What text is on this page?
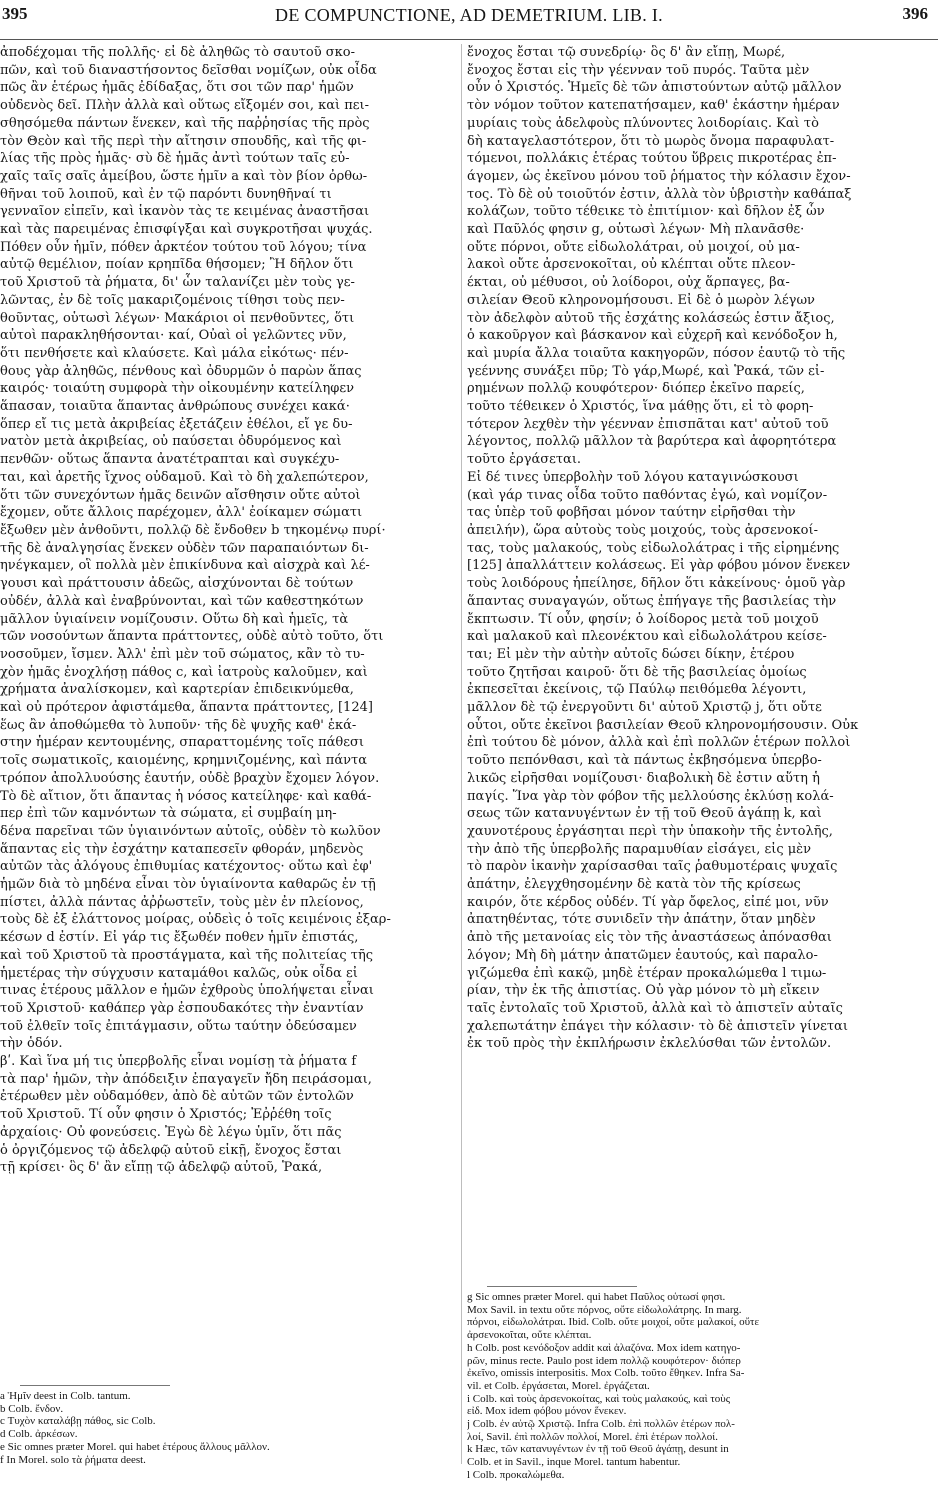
395	DE COMPUNCTIONE, AD DEMETRIUM. LIB. I.	396
ἀποδέχομαι τῆς πολλῆς· εἰ δὲ ἀληθῶς τὸ σαυτοῦ σκο-
πῶν, καὶ τοῦ διαναστήσοντος δεῖσθαι νομίζων, οὐκ οἶδα
πῶς ἂν ἑτέρως ἡμᾶς ἐδίδαξας, ὅτι σοι τῶν παρ' ἡμῶν
οὐδενὸς δεῖ. Πλὴν ἀλλὰ καὶ οὕτως εἴξομέν σοι, καὶ πει-
σθησόμεθα πάντων ἕνεκεν, καὶ τῆς παῤῥησίας τῆς πρὸς
τὸν Θεὸν καὶ τῆς περὶ τὴν αἴτησιν σπουδῆς, καὶ τῆς φι-
λίας τῆς πρὸς ἡμᾶς· σὺ δὲ ἡμᾶς ἀντὶ τούτων ταῖς εὐ-
χαῖς ταῖς σαῖς ἀμείβου, ὥστε ἡμῖν a καὶ τὸν βίον ὀρθω-
θῆναι τοῦ λοιποῦ, καὶ ἐν τῷ παρόντι δυνηθῆναί τι
γενναῖον εἰπεῖν, καὶ ἱκανὸν τὰς τε κειμένας ἀναστῆσαι
καὶ τὰς παρειμένας ἐπισφίγξαι καὶ συγκροτῆσαι ψυχάς.
Πόθεν οὖν ἡμῖν, πόθεν ἀρκτέον τούτου τοῦ λόγου; τίνα
αὐτῷ θεμέλιον, ποίαν κρηπῖδα θήσομεν; Ἢ δῆλον ὅτι
τοῦ Χριστοῦ τὰ ῥήματα, δι' ὧν ταλανίζει μὲν τοὺς γε-
λῶντας, ἐν δὲ τοῖς μακαριζομένοις τίθησι τοὺς πεν-
θοῦντας, οὑτωσὶ λέγων· Μακάριοι οἱ πενθοῦντες, ὅτι
αὐτοὶ παρακληθήσονται· καί, Οὐαὶ οἱ γελῶντες νῦν,
ὅτι πενθήσετε καὶ κλαύσετε. Καὶ μάλα εἰκότως· πέν-
θους γὰρ ἀληθῶς, πένθους καὶ ὀδυρμῶν ὁ παρὼν ἅπας
καιρός· τοιαύτη συμφορὰ τὴν οἰκουμένην κατείληφεν
ἅπασαν, τοιαῦτα ἅπαντας ἀνθρώπους συνέχει κακά·
ὅπερ εἴ τις μετὰ ἀκριβείας ἐξετάζειν ἐθέλοι, εἴ γε δυ-
νατὸν μετὰ ἀκριβείας, οὐ παύσεται ὀδυρόμενος καὶ
πενθῶν· οὕτως ἅπαντα ἀνατέτραπται καὶ συγκέχυ-
ται, καὶ ἀρετῆς ἴχνος οὐδαμοῦ. Καὶ τὸ δὴ χαλεπώτερον,
ὅτι τῶν συνεχόντων ἡμᾶς δεινῶν αἴσθησιν οὔτε αὐτοὶ
ἔχομεν, οὔτε ἄλλοις παρέχομεν, ἀλλ' ἐοίκαμεν σώματι
ἔξωθεν μὲν ἀνθοῦντι, πολλῷ δὲ ἔνδοθεν b τηκομένῳ πυρί·
τῆς δὲ ἀναλγησίας ἕνεκεν οὐδὲν τῶν παραπαιόντων δι-
ηνέγκαμεν, οἳ πολλὰ μὲν ἐπικίνδυνα καὶ αἰσχρὰ καὶ λέ-
γουσι καὶ πράττουσιν ἀδεῶς, αἰσχύνονται δὲ τούτων
οὐδέν, ἀλλὰ καὶ ἐναβρύνονται, καὶ τῶν καθεστηκότων
μᾶλλον ὑγιαίνειν νομίζουσιν. Οὕτω δὴ καὶ ἡμεῖς, τὰ
τῶν νοσούντων ἅπαντα πράττοντες, οὐδὲ αὐτὸ τοῦτο, ὅτι
νοσοῦμεν, ἴσμεν. Ἀλλ' ἐπὶ μὲν τοῦ σώματος, κἂν τὸ τυ-
χὸν ἡμᾶς ἐνοχλήσῃ πάθος c, καὶ ἰατροὺς καλοῦμεν, καὶ
χρήματα ἀναλίσκομεν, καὶ καρτερίαν ἐπιδεικνύμεθα,
καὶ οὐ πρότερον ἀφιστάμεθα, ἅπαντα πράττοντες, [124]
ἕως ἂν ἀποθώμεθα τὸ λυποῦν· τῆς δὲ ψυχῆς καθ' ἑκά-
στην ἡμέραν κεντουμένης, σπαραττομένης τοῖς πάθεσι
τοῖς σωματικοῖς, καιομένης, κρημνιζομένης, καὶ πάντα
τρόπον ἀπολλυούσης ἑαυτήν, οὐδὲ βραχὺν ἔχομεν λόγον.
Τὸ δὲ αἴτιον, ὅτι ἅπαντας ἡ νόσος κατείληφε· καὶ καθά-
περ ἐπὶ τῶν καμνόντων τὰ σώματα, εἰ συμβαίη μη-
δένα παρεῖναι τῶν ὑγιαινόντων αὐτοῖς, οὐδὲν τὸ κωλῦον
ἅπαντας εἰς τὴν ἐσχάτην καταπεσεῖν φθοράν, μηδενὸς
αὐτῶν τὰς ἀλόγους ἐπιθυμίας κατέχοντος· οὕτω καὶ ἐφ'
ἡμῶν διὰ τὸ μηδένα εἶναι τὸν ὑγιαίνοντα καθαρῶς ἐν τῇ
πίστει, ἀλλὰ πάντας ἀῤῥωστεῖν, τοὺς μὲν ἐν πλείονος,
τοὺς δὲ ἐξ ἐλάττονος μοίρας, οὐδεὶς ὁ τοῖς κειμένοις ἐξαρ-
κέσων d ἐστίν. Εἰ γάρ τις ἔξωθέν ποθεν ἡμῖν ἐπιστάς,
καὶ τοῦ Χριστοῦ τὰ προστάγματα, καὶ τῆς πολιτείας τῆς
ἡμετέρας τὴν σύγχυσιν καταμάθοι καλῶς, οὐκ οἶδα εἰ
τινας ἑτέρους μᾶλλον e ἡμῶν ἐχθροὺς ὑπολήψεται εἶναι
τοῦ Χριστοῦ· καθάπερ γὰρ ἐσπουδακότες τὴν ἐναντίαν
τοῦ ἐλθεῖν τοῖς ἐπιτάγμασιν, οὕτω ταύτην ὀδεύσαμεν
τὴν ὁδόν.
βʹ. Καὶ ἵνα μή τις ὑπερβολῆς εἶναι νομίσῃ τὰ ῥήματα f
τὰ παρ' ἡμῶν, τὴν ἀπόδειξιν ἐπαγαγεῖν ἤδη πειράσομαι,
ἐτέρωθεν μὲν οὐδαμόθεν, ἀπὸ δὲ αὐτῶν τῶν ἐντολῶν
τοῦ Χριστοῦ. Τί οὖν φησιν ὁ Χριστός; Ἐῤῥέθη τοῖς
ἀρχαίοις· Οὐ φονεύσεις. Ἐγὼ δὲ λέγω ὑμῖν, ὅτι πᾶς
ὁ ὀργιζόμενος τῷ ἀδελφῷ αὐτοῦ εἰκῇ, ἔνοχος ἔσται
τῇ κρίσει· ὃς δ' ἂν εἴπῃ τῷ ἀδελφῷ αὐτοῦ, Ῥακά,
a Ἡμῖν deest in Colb. tantum.
b Colb. ἔνδον.
c Τυχὸν καταλάβῃ πάθος, sic Colb.
d Colb. ἀρκέσων.
e Sic omnes præter Morel. qui habet ἑτέρους ἄλλους μᾶλλον.
f In Morel. solo τὰ ῥήματα deest.
ἔνοχος ἔσται τῷ συνεδρίῳ· ὃς δ' ἂν εἴπῃ, Μωρέ,
ἔνοχος ἔσται εἰς τὴν γέενναν τοῦ πυρός. Ταῦτα μὲν
οὖν ὁ Χριστός. Ἡμεῖς δὲ τῶν ἀπιστούντων αὐτῷ μᾶλλον
τὸν νόμον τοῦτον κατεπατήσαμεν, καθ' ἑκάστην ἡμέραν
μυρίαις τοὺς ἀδελφοὺς πλύνοντες λοιδορίαις. Καὶ τὸ
δὴ καταγελαστότερον, ὅτι τὸ μωρὸς ὄνομα παραφυλατ-
τόμενοι, πολλάκις ἑτέρας τούτου ὕβρεις πικροτέρας ἐπ-
άγομεν, ὡς ἐκεῖνου μόνου τοῦ ῥήματος τὴν κόλασιν ἔχον-
τος. Τὸ δὲ οὐ τοιοῦτόν ἐστιν, ἀλλὰ τὸν ὑβριστὴν καθάπαξ
κολάζων, τοῦτο τέθεικε τὸ ἐπιτίμιον· καὶ δῆλον ἐξ ὧν
καὶ Παῦλός φησιν g, οὑτωσὶ λέγων· Μὴ πλανᾶσθε·
οὔτε πόρνοι, οὔτε εἰδωλολάτραι, οὐ μοιχοί, οὐ μα-
λακοὶ οὔτε ἀρσενοκοῖται, οὐ κλέπται οὔτε πλεον-
έκται, οὐ μέθυσοι, οὐ λοίδοροι, οὐχ ἅρπαγες, βα-
σιλείαν Θεοῦ κληρονομήσουσι. Εἰ δὲ ὁ μωρὸν λέγων
τὸν ἀδελφὸν αὐτοῦ τῆς ἐσχάτης κολάσεώς ἐστιν ἄξιος,
ὁ κακοῦργον καὶ βάσκανον καὶ εὐχερῆ καὶ κενόδοξον h,
καὶ μυρία ἄλλα τοιαῦτα κακηγορῶν, πόσον ἑαυτῷ τὸ τῆς
γεέννης συνάξει πῦρ; Τὸ γάρ,Μωρέ, καὶ Ῥακά, τῶν εἰ-
ρημένων πολλῷ κουφότερον· διόπερ ἐκεῖνο παρείς,
τοῦτο τέθεικεν ὁ Χριστός, ἵνα μάθῃς ὅτι, εἰ τὸ φορη-
τότερον λεχθὲν τὴν γέενναν ἐπισπᾶται κατ' αὐτοῦ τοῦ
λέγοντος, πολλῷ μᾶλλον τὰ βαρύτερα καὶ ἀφορητότερα
τοῦτο ἐργάσεται.
Εἰ δέ τινες ὑπερβολὴν τοῦ λόγου καταγινώσκουσι
(καὶ γάρ τινας οἶδα τοῦτο παθόντας ἐγώ, καὶ νομίζον-
τας ὑπὲρ τοῦ φοβῆσαι μόνον ταύτην εἰρῆσθαι τὴν
ἀπειλήν), ὥρα αὐτοὺς τοὺς μοιχούς, τοὺς ἀρσενοκοί-
τας, τοὺς μαλακούς, τοὺς εἰδωλολάτρας i τῆς εἰρημένης
[125] ἀπαλλάττειν κολάσεως. Εἰ γὰρ φόβου μόνον ἕνεκεν
τοὺς λοιδόρους ἠπείλησε, δῆλον ὅτι κἀκείνους· ὁμοῦ γὰρ
ἅπαντας συναγαγών, οὕτως ἐπήγαγε τῆς βασιλείας τὴν
ἔκπτωσιν. Τί οὖν, φησίν; ὁ λοίδορος μετὰ τοῦ μοιχοῦ
καὶ μαλακοῦ καὶ πλεονέκτου καὶ εἰδωλολάτρου κείσε-
ται; Εἰ μὲν τὴν αὐτὴν αὐτοῖς δώσει δίκην, ἑτέρου
τοῦτο ζητῆσαι καιροῦ· ὅτι δὲ τῆς βασιλείας ὁμοίως
ἐκπεσεῖται ἐκείνοις, τῷ Παύλῳ πειθόμεθα λέγοντι,
μᾶλλον δὲ τῷ ἐνεργοῦντι δι' αὐτοῦ Χριστῷ j, ὅτι οὔτε
οὗτοι, οὔτε ἐκεῖνοι βασιλείαν Θεοῦ κληρονομήσουσιν. Οὐκ
ἐπὶ τούτου δὲ μόνον, ἀλλὰ καὶ ἐπὶ πολλῶν ἑτέρων πολλοὶ
τοῦτο πεπόνθασι, καὶ τὰ πάντως ἐκβησόμενα ὑπερβο-
λικῶς εἰρῆσθαι νομίζουσι· διαβολικὴ δὲ ἐστιν αὕτη ἡ
παγίς. Ἵνα γὰρ τὸν φόβον τῆς μελλούσης ἐκλύσῃ κολά-
σεως τῶν κατανυγέντων ἐν τῇ τοῦ Θεοῦ ἀγάπῃ k, καὶ
χαυνοτέρους ἐργάσηται περὶ τὴν ὑπακοὴν τῆς ἐντολῆς,
τὴν ἀπὸ τῆς ὑπερβολῆς παραμυθίαν εἰσάγει, εἰς μὲν
τὸ παρὸν ἱκανὴν χαρίσασθαι ταῖς ῥαθυμοτέραις ψυχαῖς
ἀπάτην, ἐλεγχθησομένην δὲ κατὰ τὸν τῆς κρίσεως
καιρόν, ὅτε κέρδος οὐδέν. Τί γὰρ ὄφελος, εἰπέ μοι, νῦν
ἀπατηθέντας, τότε συνιδεῖν τὴν ἀπάτην, ὅταν μηδὲν
ἀπὸ τῆς μετανοίας εἰς τὸν τῆς ἀναστάσεως ἀπόνασθαι
λόγον; Μὴ δὴ μάτην ἀπατῶμεν ἑαυτούς, καὶ παραλο-
γιζώμεθα ἐπὶ κακῷ, μηδὲ ἑτέραν προκαλώμεθα l τιμω-
ρίαν, τὴν ἐκ τῆς ἀπιστίας. Οὐ γὰρ μόνον τὸ μὴ εἴκειν
ταῖς ἐντολαῖς τοῦ Χριστοῦ, ἀλλὰ καὶ τὸ ἀπιστεῖν αὐταῖς
χαλεπωτάτην ἐπάγει τὴν κόλασιν· τὸ δὲ ἀπιστεῖν γίνεται
ἐκ τοῦ πρὸς τὴν ἐκπλήρωσιν ἐκλελύσθαι τῶν ἐντολῶν.
g Sic omnes præter Morel. qui habet Παῦλος οὑτωσί φησι.
Mox Savil. in textu οὔτε πόρνος, οὔτε εἰδωλολάτρης. In marg.
πόρνοι, εἰδωλολάτραι. Ibid. Colb. οὔτε μοιχοί, οὔτε μαλακοί, οὔτε
ἀρσενοκοῖται, οὔτε κλέπται.
h Colb. post κενόδοξον addit καὶ ἀλαζόνα. Mox idem κατηγο-
ρῶν, minus recte. Paulo post idem πολλῷ κουφότερον· διόπερ
ἐκεῖνο, omissis interpositis. Mox Colb. τοῦτο ἔθηκεν. Infra Sa-
vil. et Colb. ἐργάσεται, Morel. ἐργάζεται.
i Colb. καὶ τοὺς ἀρσενοκοίτας, καὶ τοὺς μαλακούς, καὶ τοὺς
εἰδ. Mox idem φόβου μόνον ἕνεκεν.
j Colb. ἐν αὐτῷ Χριστῷ. Infra Colb. ἐπὶ πολλῶν ἑτέρων πολ-
λοί, Savil. ἐπὶ πολλῶν πολλοί, Morel. ἐπὶ ἑτέρων πολλοί.
k Hæc, τῶν κατανυγέντων ἐν τῇ τοῦ Θεοῦ ἀγάπῃ, desunt in
Colb. et in Savil., inque Morel. tantum habentur.
l Colb. προκαλώμεθα.
